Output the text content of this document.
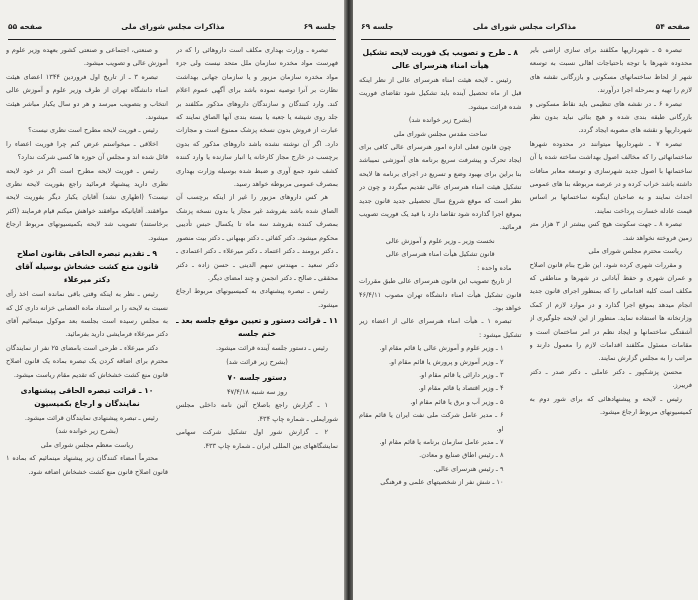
جلسه ۶۹
مذاکرات مجلس شورای ملی
صفحه ۵۵

تبصره ـ وزارت بهداری مکلف است داروهائی را که در فهرست مواد مخدره سازمان ملل متحد نیست ولی جزء مواد مخدره سازمان مزبور و یا سازمان جهانی بهداشت نظارت بر آنرا توصیه نموده باشد برای آگهی عموم اعلام کند. وارد کنندگان و سازندگان داروهای مذکور مکلفند بر جلد روی شیشه یا جعبه یا بسته بندی آنها الصاق نمایند که عبارت از فروش بدون نسخه پزشک ممنوع است و مجازات دارد. اگر آن نوشته نشده باشد داروهای مذکور که بدون برچسب در خارج مجاز کارخانه یا انبار سازنده یا وارد کننده کشف شود جمع آوری و ضبط شده بوسیله وزارت بهداری بمصرف عمومی مربوطه خواهد رسید.

هر کس داروهای مزبور را غیر از اینکه برچسب آن الصاق شده باشد بفروشد غیر مجاز یا بدون نسخه پزشک بمصرف کننده بفروشد سه ماه تا یکسال حبس تأدیبی محکوم میشود. دکتر کفائی ـ دکتر بهبهانی ـ دکتر بیت منصور ـ دکتر برومند ـ دکتر اعتماد ـ دکتر میرعلاء ـ دکتر اعتمادی ـ دکتر سعید ـ مهندس سهم الدینی ـ حسن زاده ـ دکتر محققی ـ صالح ـ دکتر انجمن و چند امضای دیگر.

رئیس ـ تبصره پیشنهادی به کمیسیونهای مربوط ارجاع میشود.

۱۱ ـ قرائت دستور و تعیین موقع جلسه بعد ـ ختم جلسه

رئیس ـ دستور جلسه آینده قرائت میشود.

(بشرح زیر قرائت شد)

دستور جلسه ۷۰

روز سه شنبه ۴۷/۴/۱۸

۱ ـ گزارش راجع باصلاح آئین نامه داخلی مجلس شورایملی ـ شماره چاپ ۴۳۴.

۲ ـ گزارش شور اول تشکیل شرکت سهامی نمایشگاههای بین المللی ایران ـ شماره چاپ ۴۳۳.

و صنعتی، اجتماعی و صنعتی کشور بعهده وزیر علوم و آموزش عالی و تصویب میشود.

تبصره ۳ ـ از تاریخ اول فروردین ۱۳۴۴ اعضای هیئت امناء دانشگاه تهران از طرف وزیر علوم و آموزش عالی انتخاب و بتصویب میرسد و هر دو سال یکبار مباشر هیئت میشوند.

رئیس ـ فوریت لایحه مطرح است نظری نیست؟

اخلاقی ـ میخواستم عرض کنم چرا فوریت اعضاء را قائل شده اند و مجلس آن حوزه ها کسی شرکت ندارد؟

رئیس ـ فوریت لایحه مطرح است اگر در خود لایحه نظری دارید پیشنهاد فرمائید راجع بفوریت لایحه نظری نیست؟ (اظهاری نشد) آقایان یکبار دیگر بفوریت لایحه موافقند. آقایانیکه موافقند خواهش میکنم قیام فرمایند (اکثر برخاستند) تصویب شد لایحه بکمیسیونهای مربوط ارجاع میشود.

۹ ـ تقدیم تبصره الحاقی بقانون اصلاح قانون منع کشت خشخاش بوسیله آقای دکتر میرعلاء

رئیس ـ نظر به اینکه وقتی باقی نمانده است اخذ رأی نسبت به لایحه را بر استناد ماده العصابی خزانه داری کل که به مجلس رسیده است بجلسه بعد موکول مینمائیم آقای دکتر میرعلاء فرمایشی دارید بفرمائید.

دکتر میرعلاء ـ طرحی است بامضای ۲۵ نفر از نمایندگان محترم برای اضافه کردن یک تبصره بماده یک قانون اصلاح قانون منع کشت خشخاش که تقدیم مقام ریاست میشود.

۱۰ ـ قرائت تبصره الحاقی پیشنهادی نمایندگان و ارجاع بکمیسیون

رئیس ـ تبصره پیشنهادی نمایندگان قرائت میشود.

(بشرح زیر خوانده شد)

ریاست معظم مجلس شورای ملی

محترماً امضاء کنندگان زیر پیشنهاد مینمائیم که بماده ۱ قانون اصلاح قانون منع کشت خشخاش اضافه شود.

صفحه ۵۴
مذاکرات مجلس شورای ملی
جلسه ۶۹

تبصره ۵ ـ شهرداریها مکلفند برای سازی اراضی بایر محدوده شهرها با توجه باحتیاجات اهالی نسبت به توسعه شهر از لحاظ ساختمانهای مسکونی و بازرگانی نقشه های لازم را تهیه و بمرحله اجرا درآورند.

تبصره ۶ ـ در نقشه های تنظیمی باید نقاط مسکونی و بازرگانی طبقه بندی شده و هیچ بنائی نباید بدون نظر شهرداریها و نقشه های مصوبه ایجاد گردد.

تبصره ۷ ـ شهرداریها میتوانند در محدوده شهرها ساختمانهائی را که مخالف اصول بهداشت ساخته شده یا آن ساختمانها با اصول جدید شهرسازی و توسعه معابر منافات داشته باشد خراب کرده و در عرصه مربوطه بنا های عمومی احداث نمایند و به صاحبان اینگونه ساختمانها بر اساس قیمت عادله خسارت پرداخت نمایند.

تبصره ۸ ـ جهت سکونت هیچ کس بیشتر از ۳ هزار متر زمین فروخته نخواهد شد.

ریاست محترم مجلس شورای ملی

و مقررات شهری کرده شود. این طرح بنام قانون اصلاح و عمران شهری و حفظ آبادانی در شهرها و مناطقی که مکلف است کلیه اقداماتی را که بمنظور اجرای قانون جدید انجام میدهد بموقع اجرا گذارد و در موارد لازم از کمک وزارتخانه ها استفاده نماید. منظور از این لایحه جلوگیری از آشفتگی ساختمانها و ایجاد نظم در امر ساختمان است و مقامات مسئول مکلفند اقدامات لازم را معمول دارند و مراتب را به مجلس گزارش نمایند.

محسن پزشکپور ـ دکتر عاملی ـ دکتر صدر ـ دکتر فریبرز.

رئیس ـ لایحه و پیشنهادهائی که برای شور دوم به کمیسیونهای مربوط ارجاع میشود.

۸ ـ طرح و تصویب یک فوریت لایحه تشکیل هیأت امناء هنرسرای عالی

رئیس ـ لایحه هیئت امناء هنرسرای عالی از نظر اینکه قبل از ماه تحصیل آینده باید تشکیل شود تقاضای فوریت شده قرائت میشود.

(بشرح زیر خوانده شد)

ساحت مقدس مجلس شورای ملی

چون قانون فعلی اداره امور هنرسرای عالی کافی برای ایجاد تحرک و پیشرفت سریع برنامه های آموزشی نمیباشد بنا براین برای بهبود وضع و تسریع در اجرای برنامه ها لایحه تشکیل هیئت امناء هنرسرای عالی تقدیم میگردد و چون در نظر است که موقع شروع سال تحصیلی جدید قانون جدید بموقع اجرا گذارده شود تقاضا دارد با قید یک فوریت تصویب فرمائید.

نخست وزیر ـ وزیر علوم و آموزش عالی

قانون تشکیل هیأت امناء هنرسرای عالی

ماده واحده :

از تاریخ تصویب این قانون هنرسرای عالی طبق مقررات قانون تشکیل هیأت امناء دانشگاه تهران مصوب ۴۶/۴/۱۱ خواهد بود.

تبصره ۱ ـ هیأت امناء هنرسرای عالی از اعضاء زیر تشکیل میشود :

۱ ـ وزیر علوم و آموزش عالی یا قائم مقام او.

۲ ـ وزیر آموزش و پرورش یا قائم مقام او.

۳ ـ وزیر دارائی یا قائم مقام او.

۴ ـ وزیر اقتصاد یا قائم مقام او.

۵ ـ وزیر آب و برق یا قائم مقام او.

۶ ـ مدیر عامل شرکت ملی نفت ایران یا قائم مقام او.

۷ ـ مدیر عامل سازمان برنامه یا قائم مقام او.

۸ ـ رئیس اطاق صنایع و معادن.

۹ ـ رئیس هنرسرای عالی.

۱۰ ـ شش نفر از شخصیتهای علمی و فرهنگی
